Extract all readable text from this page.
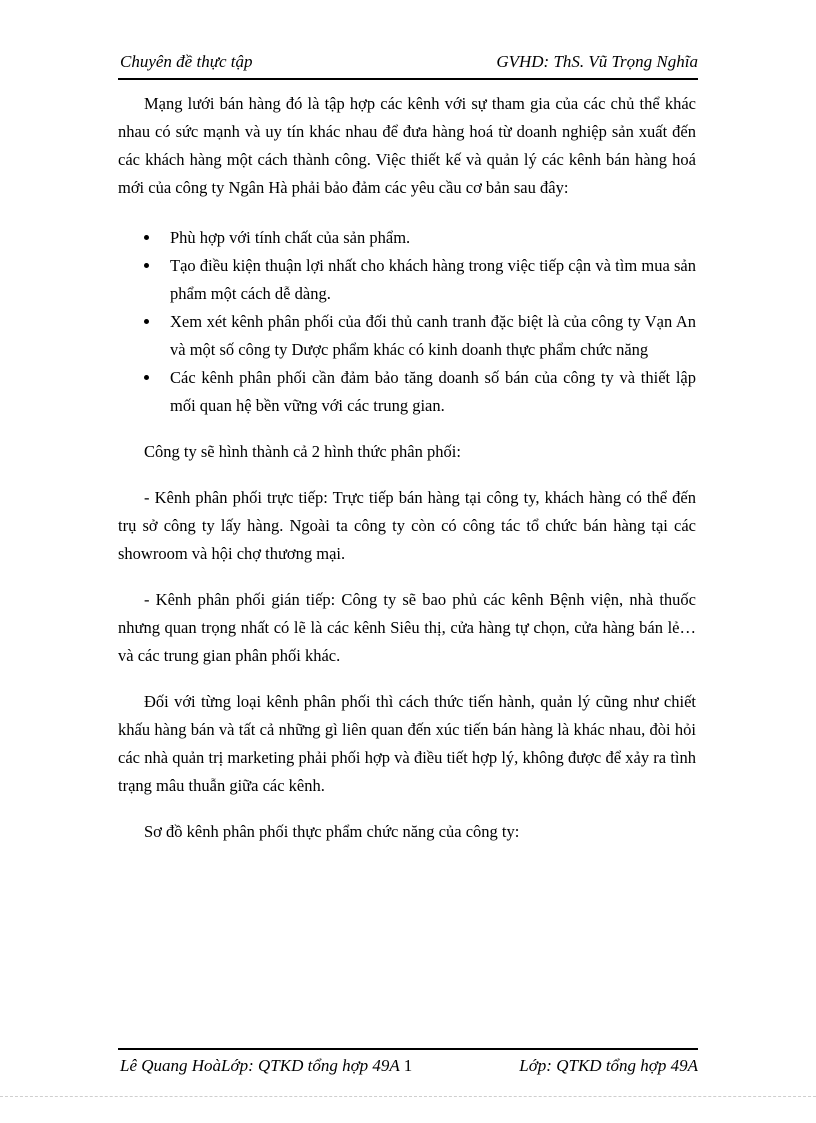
Chuyên đề thực tập	GVHD: ThS. Vũ Trọng Nghĩa

Mạng lưới bán hàng đó là tập hợp các kênh với sự tham gia của các chủ thể khác nhau có sức mạnh và uy tín khác nhau để đưa hàng hoá từ doanh nghiệp sản xuất đến các khách hàng một cách thành công. Việc thiết kế và quản lý các kênh bán hàng hoá mới của công ty Ngân Hà phải bảo đảm các yêu cầu cơ bản sau đây:

Phù hợp với tính chất của sản phẩm.
Tạo điều kiện thuận lợi nhất cho khách hàng trong việc tiếp cận và tìm mua sản phẩm một cách dễ dàng.
Xem xét kênh phân phối của đối thủ canh tranh đặc biệt là của công ty Vạn An và một số công ty Dược phẩm khác có kinh doanh thực phẩm chức năng
Các kênh phân phối cần đảm bảo tăng doanh số bán của công ty và thiết lập mối quan hệ bền vững với các trung gian.

Công ty sẽ hình thành cả 2 hình thức phân phối:

- Kênh phân phối trực tiếp: Trực tiếp bán hàng tại công ty, khách hàng có thể đến trụ sở công ty lấy hàng. Ngoài ta công ty còn có công tác tổ chức bán hàng tại các showroom và hội chợ thương mại.

- Kênh phân phối gián tiếp: Công ty sẽ bao phủ các kênh Bệnh viện, nhà thuốc nhưng quan trọng nhất có lẽ là các kênh Siêu thị, cửa hàng tự chọn, cửa hàng bán lẻ… và các trung gian phân phối khác.

Đối với từng loại kênh phân phối thì cách thức tiến hành, quản lý cũng như chiết khấu hàng bán và tất cả những gì liên quan đến xúc tiến bán hàng là khác nhau, đòi hỏi các nhà quản trị marketing phải phối hợp và điều tiết hợp lý, không được để xảy ra tình trạng mâu thuẫn giữa các kênh.

Sơ đồ kênh phân phối thực phẩm chức năng của công ty:

Lê Quang HoàLớp: QTKD tổng hợp 49A 1	Lớp: QTKD tổng hợp 49A
